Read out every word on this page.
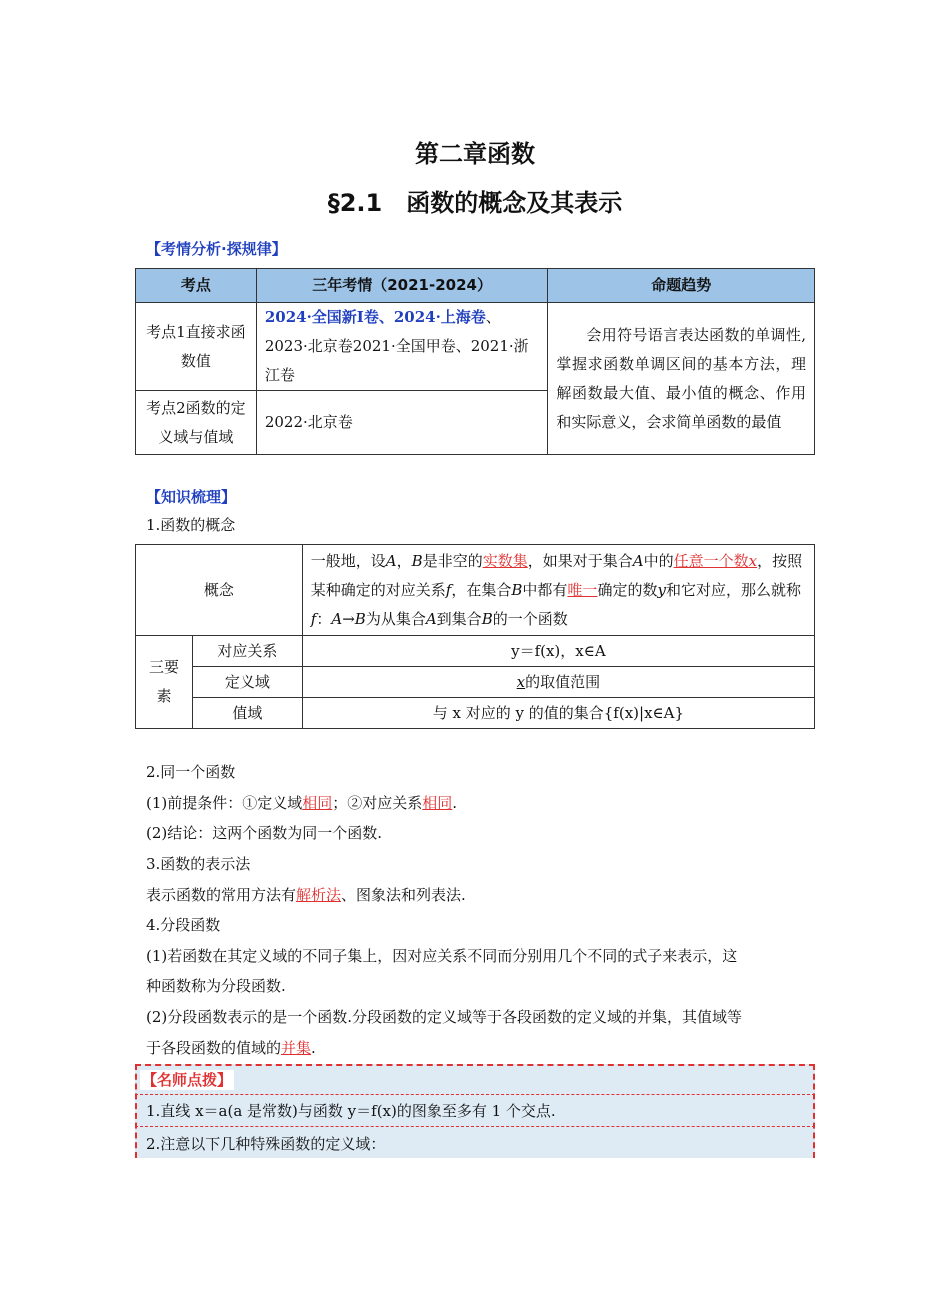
第二章函数
§2.1　函数的概念及其表示
【考情分析·探规律】
考点	三年考情（2021-2024）	命题趋势
考点1直接求函数值	2024·全国新Ⅰ卷、2024·上海卷、2023·北京卷2021·全国甲卷、2021·浙江卷	会用符号语言表达函数的单调性,掌握求函数单调区间的基本方法，理解函数最大值、最小值的概念、作用和实际意义，会求简单函数的最值
考点2函数的定义域与值域	2022·北京卷	
【知识梳理】
1.函数的概念
概念		一般地，设A，B是非空的实数集，如果对于集合A中的任意一个数x，按照某种确定的对应关系f，在集合B中都有唯一确定的数y和它对应，那么就称f：A→B为从集合A到集合B的一个函数
三要素	对应关系	y＝f(x)，x∈A
	定义域	x的取值范围
	值域	与 x 对应的 y 的值的集合{f(x)|x∈A}
2.同一个函数
(1)前提条件：①定义域相同；②对应关系相同.
(2)结论：这两个函数为同一个函数.
3.函数的表示法
表示函数的常用方法有解析法、图象法和列表法.
4.分段函数
(1)若函数在其定义域的不同子集上，因对应关系不同而分别用几个不同的式子来表示，这
种函数称为分段函数.
(2)分段函数表示的是一个函数.分段函数的定义域等于各段函数的定义域的并集，其值域等
于各段函数的值域的并集.
【名师点拨】
1.直线 x＝a(a 是常数)与函数 y＝f(x)的图象至多有 1 个交点.
2.注意以下几种特殊函数的定义域：
